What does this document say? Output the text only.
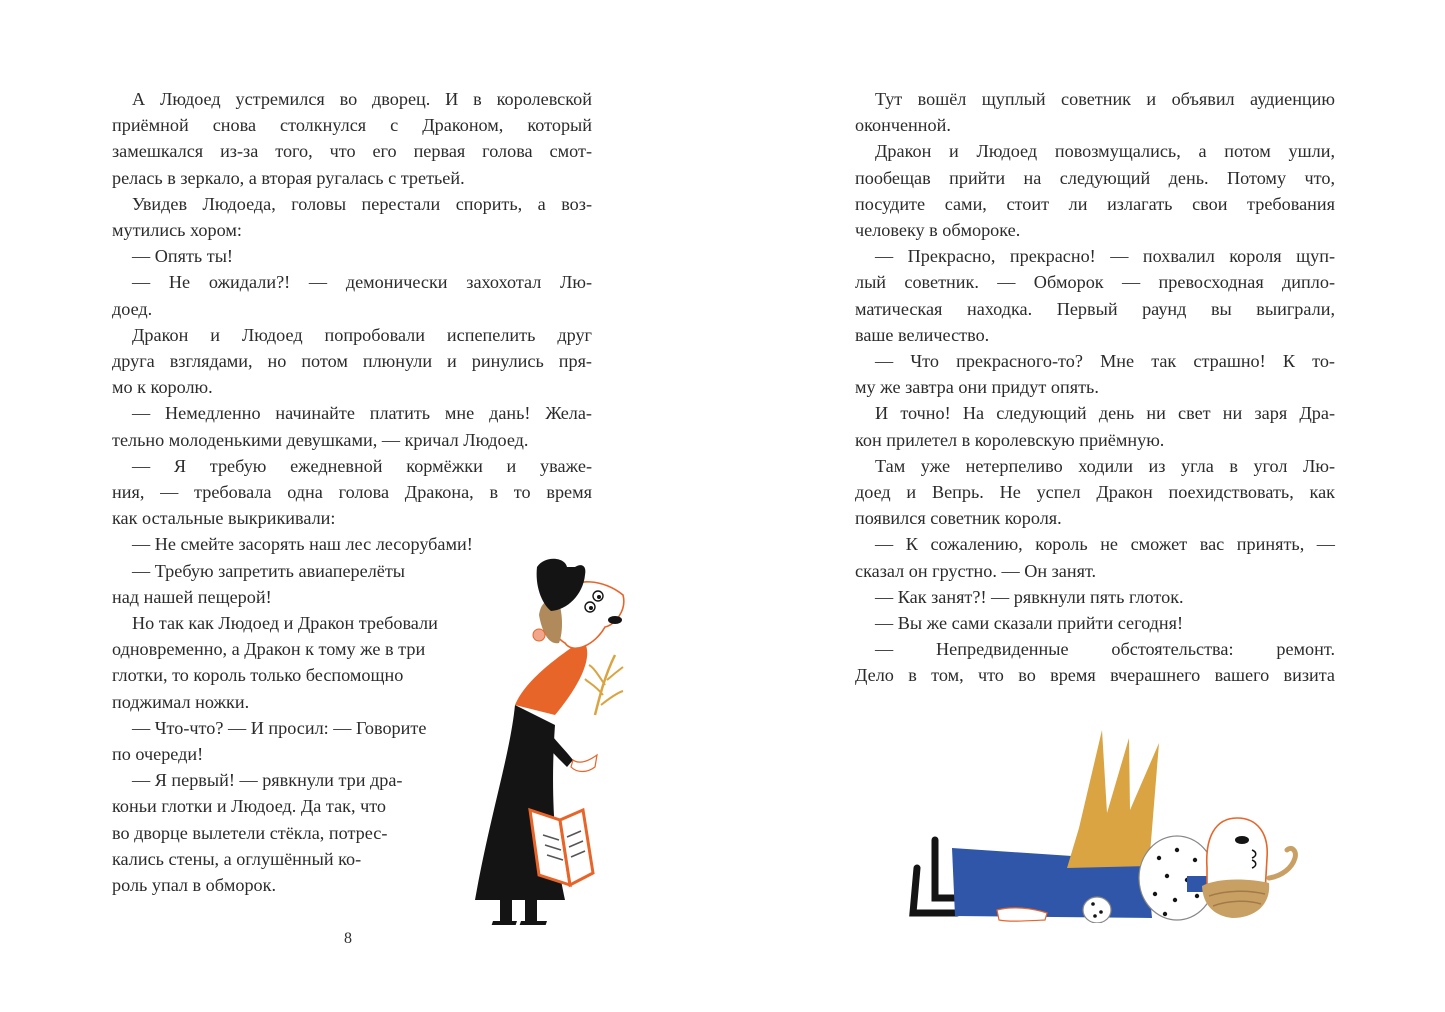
А Людоед устремился во дворец. И в королевской
приёмной снова столкнулся с Драконом, который
замешкался из-за того, что его первая голова смот-
релась в зеркало, а вторая ругалась с третьей.
Увидев Людоеда, головы перестали спорить, а воз-
мутились хором:
— Опять ты!
— Не ожидали?! — демонически захохотал Лю-
доед.
Дракон и Людоед попробовали испепелить друг
друга взглядами, но потом плюнули и ринулись пря-
мо к королю.
— Немедленно начинайте платить мне дань! Жела-
тельно молоденькими девушками, — кричал Людоед.
— Я требую ежедневной кормёжки и уваже-
ния, — требовала одна голова Дракона, в то время
как остальные выкрикивали:
— Не смейте засорять наш лес лесорубами!
— Требую запретить авиаперелёты
над нашей пещерой!
Но так как Людоед и Дракон требовали
одновременно, а Дракон к тому же в три
глотки, то король только беспомощно
поджимал ножки.
— Что-что? — И просил: — Говорите
по очереди!
— Я первый! — рявкнули три дра-
коньи глотки и Людоед. Да так, что
во дворце вылетели стёкла, потрес-
кались стены, а оглушённый ко-
роль упал в обморок.
8
Тут вошёл щуплый советник и объявил аудиенцию
оконченной.
Дракон и Людоед повозмущались, а потом ушли,
пообещав прийти на следующий день. Потому что,
посудите сами, стоит ли излагать свои требования
человеку в обмороке.
— Прекрасно, прекрасно! — похвалил короля щуп-
лый советник. — Обморок — превосходная дипло-
матическая находка. Первый раунд вы выиграли,
ваше величество.
— Что прекрасного-то? Мне так страшно! К то-
му же завтра они придут опять.
И точно! На следующий день ни свет ни заря Дра-
кон прилетел в королевскую приёмную.
Там уже нетерпеливо ходили из угла в угол Лю-
доед и Вепрь. Не успел Дракон поехидствовать, как
появился советник короля.
— К сожалению, король не сможет вас принять, —
сказал он грустно. — Он занят.
— Как занят?! — рявкнули пять глоток.
— Вы же сами сказали прийти сегодня!
— Непредвиденные обстоятельства: ремонт.
Дело в том, что во время вчерашнего вашего визита
